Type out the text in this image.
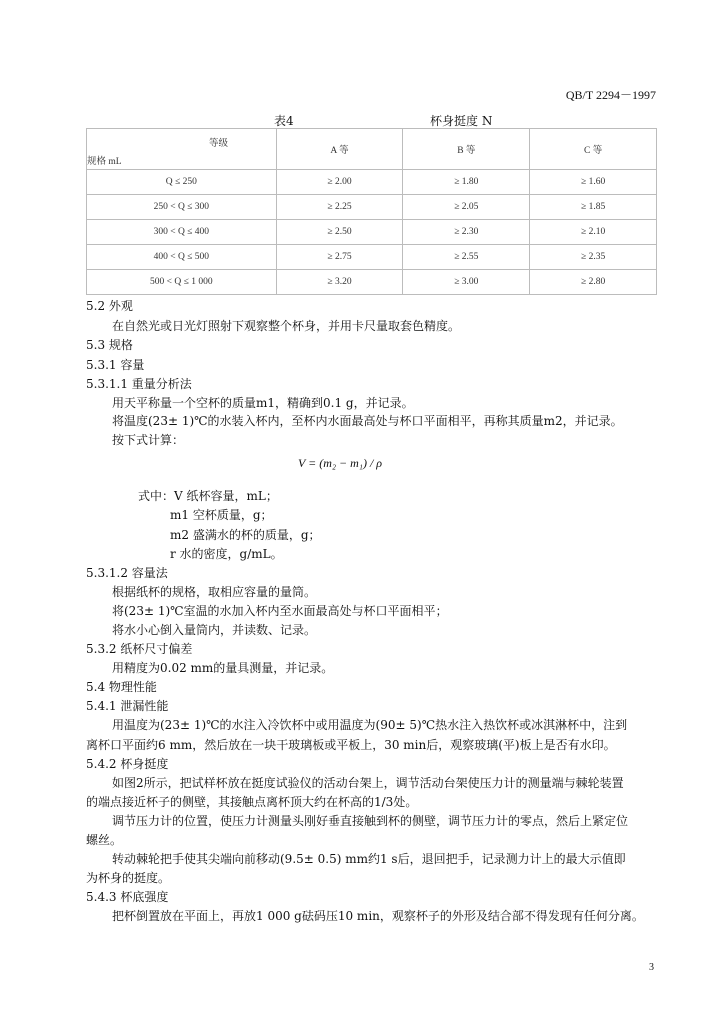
QB/T 2294－1997
表4	杯身挺度 N
等级
规格 mL	A 等	B 等	C 等
Q ≤ 250	≥ 2.00	≥ 1.80	≥ 1.60
250 < Q ≤ 300	≥ 2.25	≥ 2.05	≥ 1.85
300 < Q ≤ 400	≥ 2.50	≥ 2.30	≥ 2.10
400 < Q ≤ 500	≥ 2.75	≥ 2.55	≥ 2.35
500 < Q ≤ 1 000	≥ 3.20	≥ 3.00	≥ 2.80
5.2 外观
在自然光或日光灯照射下观察整个杯身，并用卡尺量取套色精度。
5.3 规格
5.3.1 容量
5.3.1.1 重量分析法
用天平称量一个空杯的质量m1，精确到0.1 g，并记录。
将温度(23± 1)℃的水装入杯内，至杯内水面最高处与杯口平面相平，再称其质量m2，并记录。
按下式计算：
V = (m₂ − m₁) / ρ
式中：V 纸杯容量，mL；
m1 空杯质量，g；
m2 盛满水的杯的质量，g；
r 水的密度，g/mL。
5.3.1.2 容量法
根据纸杯的规格，取相应容量的量筒。
将(23± 1)℃室温的水加入杯内至水面最高处与杯口平面相平；
将水小心倒入量筒内，并读数、记录。
5.3.2 纸杯尺寸偏差
用精度为0.02 mm的量具测量，并记录。
5.4 物理性能
5.4.1 泄漏性能
用温度为(23± 1)℃的水注入冷饮杯中或用温度为(90± 5)℃热水注入热饮杯或冰淇淋杯中，注到
离杯口平面约6 mm，然后放在一块干玻璃板或平板上，30 min后，观察玻璃(平)板上是否有水印。
5.4.2 杯身挺度
如图2所示，把试样杯放在挺度试验仪的活动台架上，调节活动台架使压力计的测量端与棘轮装置
的端点接近杯子的侧壁，其接触点离杯顶大约在杯高的1/3处。
调节压力计的位置，使压力计测量头刚好垂直接触到杯的侧壁，调节压力计的零点，然后上紧定位
螺丝。
转动棘轮把手使其尖端向前移动(9.5± 0.5) mm约1 s后，退回把手，记录测力计上的最大示值即
为杯身的挺度。
5.4.3 杯底强度
把杯倒置放在平面上，再放1 000 g砝码压10 min，观察杯子的外形及结合部不得发现有任何分离。
3
